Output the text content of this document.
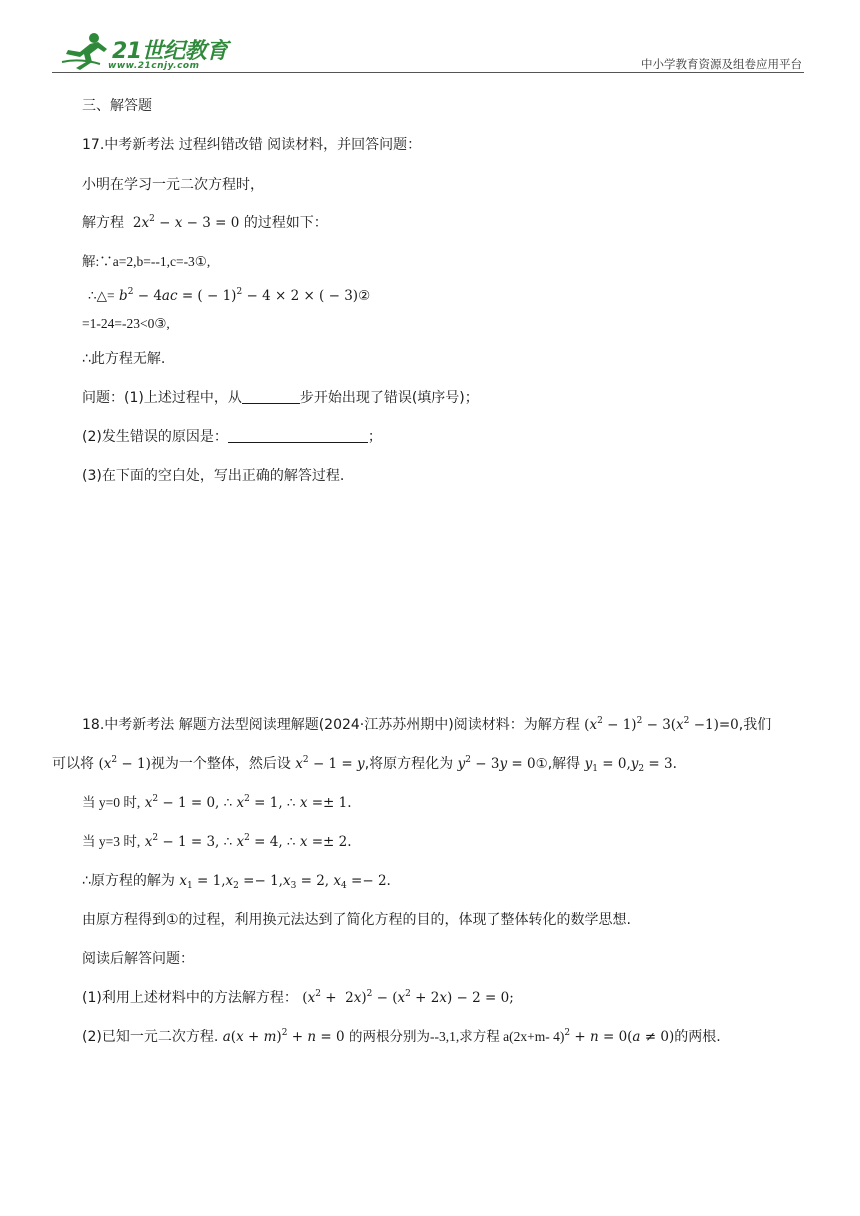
21世纪教育
www.21cnjy.com	中小学教育资源及组卷应用平台
三、解答题
17.中考新考法 过程纠错改错 阅读材料，并回答问题：
小明在学习一元二次方程时，
解方程 $2x^2 - x - 3 = 0$ 的过程如下：
解:∵a=2,b=--1,c=-3①,
∴△= $b^2 - 4ac$ = ( − 1)$^2$ − 4 × 2 × ( − 3)②
=1-24=-23<0③,
∴此方程无解.
问题：(1)上述过程中，从	步开始出现了错误(填序号)；
(2)发生错误的原因是：	；
(3)在下面的空白处，写出正确的解答过程.
18.中考新考法 解题方法型阅读理解题(2024·江苏苏州期中)阅读材料：为解方程 $(x^2 - 1)^2 - 3(x^2 -1)=0$,我们
可以将 $(x^2 - 1)$视为一个整体，然后设 $x^2 - 1 = y$,将原方程化为 $y^2 - 3y$ = 0①,解得 $y_1 = 0,y_2 = 3$.
当 y=0 时, $x^2 - 1 = 0$, ∴ $x^2 = 1$, ∴ x =± 1.
当 y=3 时, $x^2 - 1 = 3$, ∴ $x^2 = 4$, ∴ x =± 2.
∴原方程的解为 $x_1 = 1,x_2 =- 1,x_3 = 2$, $x_4 =- 2$.
由原方程得到①的过程，利用换元法达到了简化方程的目的，体现了整体转化的数学思想.
阅读后解答问题：
(1)利用上述材料中的方法解方程： $(x^2 + 2x)^2 - (x^2 + 2x) - 2 = 0$;
(2)已知一元二次方程. $a(x + m)^2 + n = 0$ 的两根分别为--3,1,求方程 a(2x+m- 4)$^2$ + n = 0(a ≠ 0)的两根.
